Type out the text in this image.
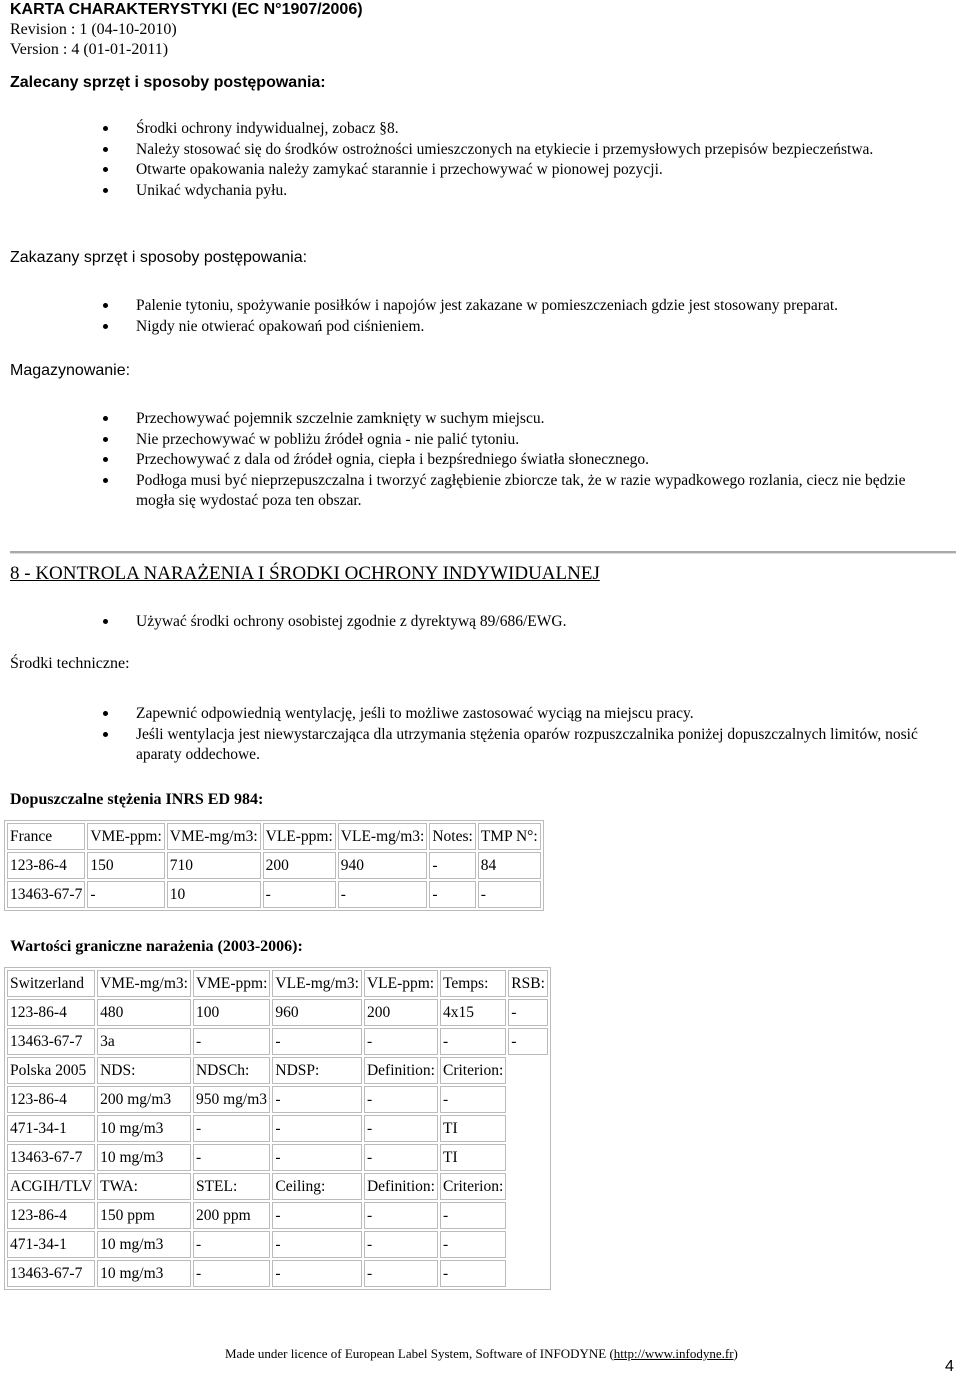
KARTA CHARAKTERYSTYKI (EC N°1907/2006)
Revision : 1 (04-10-2010)
Version : 4 (01-01-2011)
Zalecany sprzęt i sposoby postępowania:
Środki ochrony indywidualnej, zobacz §8.
Należy stosować się do środków ostrożności umieszczonych na etykiecie i przemysłowych przepisów bezpieczeństwa.
Otwarte opakowania należy zamykać starannie i przechowywać w pionowej pozycji.
Unikać wdychania pyłu.
Zakazany sprzęt i sposoby postępowania:
Palenie tytoniu, spożywanie posiłków i napojów jest zakazane w pomieszczeniach gdzie jest stosowany preparat.
Nigdy nie otwierać opakowań pod ciśnieniem.
Magazynowanie:
Przechowywać pojemnik szczelnie zamknięty w suchym miejscu.
Nie przechowywać w pobliżu źródeł ognia - nie palić tytoniu.
Przechowywać z dala od źródeł ognia, ciepła i bezpśredniego światła słonecznego.
Podłoga musi być nieprzepuszczalna i tworzyć zagłębienie zbiorcze tak, że w razie wypadkowego rozlania, ciecz nie będzie mogła się wydostać poza ten obszar.
8 - KONTROLA NARAŻENIA I ŚRODKI OCHRONY INDYWIDUALNEJ
Używać środki ochrony osobistej zgodnie z dyrektywą 89/686/EWG.
Środki techniczne:
Zapewnić odpowiednią wentylację, jeśli to możliwe zastosować wyciąg na miejscu pracy.
Jeśli wentylacja jest niewystarczająca dla utrzymania stężenia oparów rozpuszczalnika poniżej dopuszczalnych limitów, nosić aparaty oddechowe.
Dopuszczalne stężenia INRS ED 984:
France	VME-ppm:	VME-mg/m3:	VLE-ppm:	VLE-mg/m3:	Notes:	TMP N°:
123-86-4	150	710	200	940	-	84
13463-67-7	-	10	-	-	-	-
Wartości graniczne narażenia (2003-2006):
Switzerland	VME-mg/m3:	VME-ppm:	VLE-mg/m3:	VLE-ppm:	Temps:	RSB:
123-86-4	480	100	960	200	4x15	-
13463-67-7	3a	-	-	-	-	-
Polska 2005	NDS:	NDSCh:	NDSP:	Definition:	Criterion:	
123-86-4	200 mg/m3	950 mg/m3	-	-	-	
471-34-1	10 mg/m3	-	-	-	TI	
13463-67-7	10 mg/m3	-	-	-	TI	
ACGIH/TLV	TWA:	STEL:	Ceiling:	Definition:	Criterion:	
123-86-4	150 ppm	200 ppm	-	-	-	
471-34-1	10 mg/m3	-	-	-	-	
13463-67-7	10 mg/m3	-	-	-	-	
Made under licence of European Label System, Software of INFODYNE (http://www.infodyne.fr)
4
